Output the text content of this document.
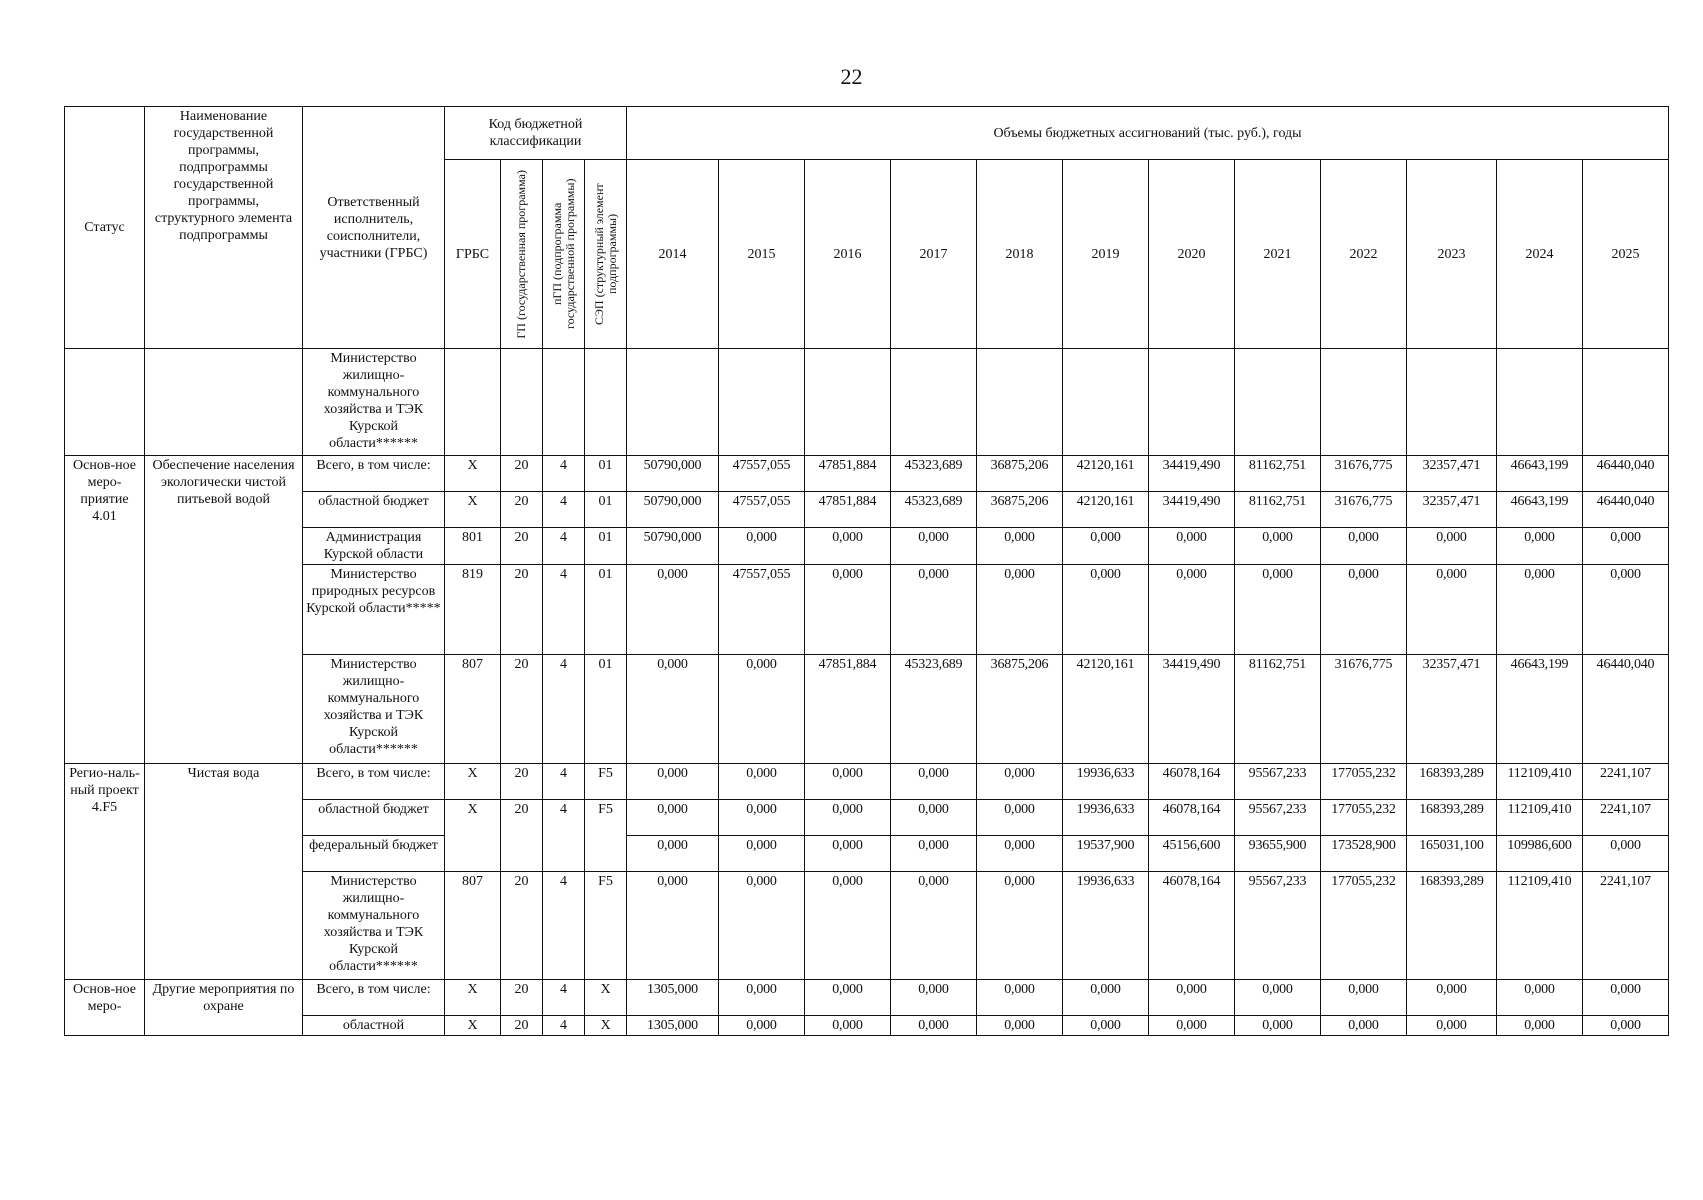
22
Статус	Наименование государственной программы, подпрограммы государственной программы, структурного элемента подпрограммы	Ответственный исполнитель, соисполнители, участники (ГРБС)	Код бюджетной классификации				Объемы бюджетных ассигнований (тыс. руб.), годы											
			ГРБС	ГП (государственная программа)	пГП (подпрограмма государственной программы)	СЭП (структурный элемент подпрограммы)	2014	2015	2016	2017	2018	2019	2020	2021	2022	2023	2024	2025
		Министерство жилищно-коммунального хозяйства и ТЭК Курской области******																
Основ-ное меро-приятие 4.01	Обеспечение населения экологически чистой питьевой водой	Всего, в том числе:	X	20	4	01	50790,000	47557,055	47851,884	45323,689	36875,206	42120,161	34419,490	81162,751	31676,775	32357,471	46643,199	46440,040
		областной бюджет	X	20	4	01	50790,000	47557,055	47851,884	45323,689	36875,206	42120,161	34419,490	81162,751	31676,775	32357,471	46643,199	46440,040
		Администрация Курской области	801	20	4	01	50790,000	0,000	0,000	0,000	0,000	0,000	0,000	0,000	0,000	0,000	0,000	0,000
		Министерство природных ресурсов Курской области*****	819	20	4	01	0,000	47557,055	0,000	0,000	0,000	0,000	0,000	0,000	0,000	0,000	0,000	0,000
		Министерство жилищно-коммунального хозяйства и ТЭК Курской области******	807	20	4	01	0,000	0,000	47851,884	45323,689	36875,206	42120,161	34419,490	81162,751	31676,775	32357,471	46643,199	46440,040
Регио-наль-ный проект 4.F5	Чистая вода	Всего, в том числе:	X	20	4	F5	0,000	0,000	0,000	0,000	0,000	19936,633	46078,164	95567,233	177055,232	168393,289	112109,410	2241,107
		областной бюджет	X	20	4	F5	0,000	0,000	0,000	0,000	0,000	19936,633	46078,164	95567,233	177055,232	168393,289	112109,410	2241,107
		федеральный бюджет					0,000	0,000	0,000	0,000	0,000	19537,900	45156,600	93655,900	173528,900	165031,100	109986,600	0,000
		Министерство жилищно-коммунального хозяйства и ТЭК Курской области******	807	20	4	F5	0,000	0,000	0,000	0,000	0,000	19936,633	46078,164	95567,233	177055,232	168393,289	112109,410	2241,107
Основ-ное меро-	Другие мероприятия по охране	Всего, в том числе:	X	20	4	X	1305,000	0,000	0,000	0,000	0,000	0,000	0,000	0,000	0,000	0,000	0,000	0,000
		областной	X	20	4	X	1305,000	0,000	0,000	0,000	0,000	0,000	0,000	0,000	0,000	0,000	0,000	0,000
